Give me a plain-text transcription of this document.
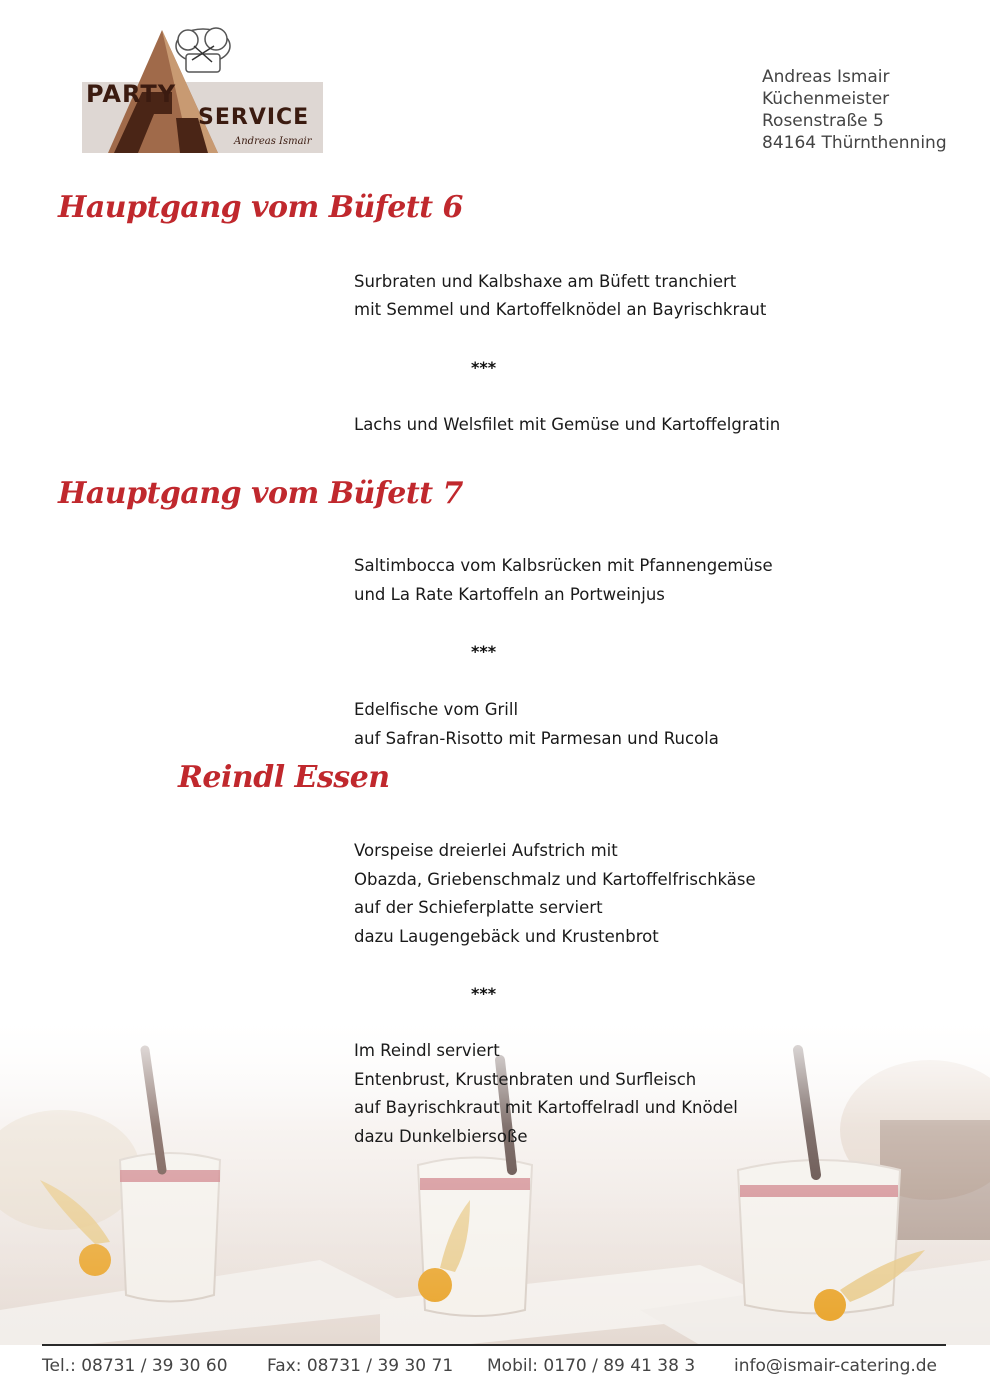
PARTY
SERVICE
Andreas Ismair
Andreas Ismair
Küchenmeister
Rosenstraße 5
84164 Thürnthenning
Hauptgang vom Büfett 6
Surbraten und Kalbshaxe am Büfett tranchiert
mit Semmel und Kartoffelknödel an Bayrischkraut
***
Lachs und Welsfilet mit Gemüse und Kartoffelgratin
Hauptgang vom Büfett 7
Saltimbocca vom Kalbsrücken mit Pfannengemüse
und La Rate Kartoffeln an Portweinjus
***
Edelfische vom Grill
auf Safran-Risotto mit Parmesan und Rucola
Reindl Essen
Vorspeise dreierlei Aufstrich mit
Obazda, Griebenschmalz und Kartoffelfrischkäse
auf der Schieferplatte serviert
dazu Laugengebäck und Krustenbrot
***
Im Reindl serviert
Entenbrust, Krustenbraten und Surfleisch
auf Bayrischkraut mit Kartoffelradl und Knödel
dazu Dunkelbiersoße
Tel.: 08731 / 39 30 60 Fax: 08731 / 39 30 71 Mobil: 0170 / 89 41 38 3 info@ismair-catering.de
